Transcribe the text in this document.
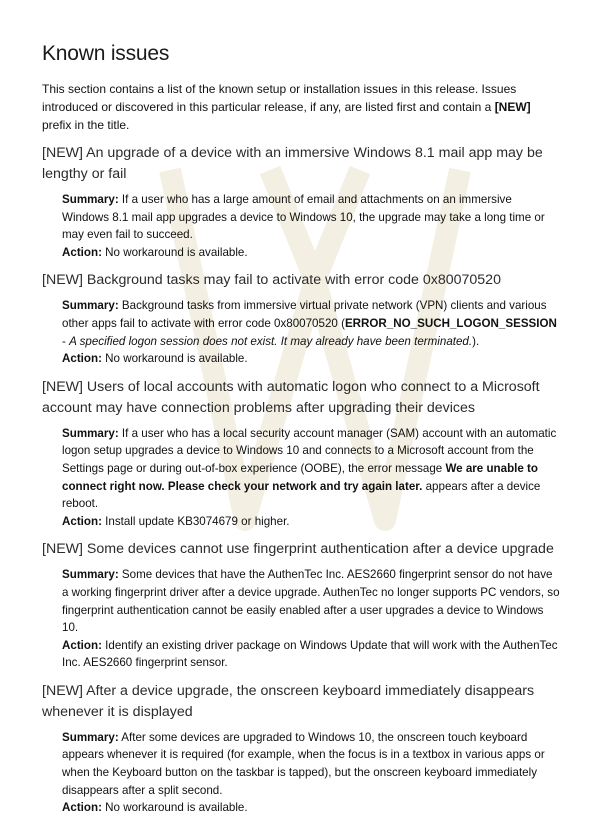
Known issues

This section contains a list of the known setup or installation issues in this release. Issues introduced or discovered in this particular release, if any, are listed first and contain a [NEW] prefix in the title.

[NEW] An upgrade of a device with an immersive Windows 8.1 mail app may be lengthy or fail

Summary: If a user who has a large amount of email and attachments on an immersive Windows 8.1 mail app upgrades a device to Windows 10, the upgrade may take a long time or may even fail to succeed.

Action: No workaround is available.

[NEW] Background tasks may fail to activate with error code 0x80070520

Summary: Background tasks from immersive virtual private network (VPN) clients and various other apps fail to activate with error code 0x80070520 (ERROR_NO_SUCH_LOGON_SESSION - A specified logon session does not exist. It may already have been terminated.).

Action: No workaround is available.

[NEW] Users of local accounts with automatic logon who connect to a Microsoft account may have connection problems after upgrading their devices

Summary: If a user who has a local security account manager (SAM) account with an automatic logon setup upgrades a device to Windows 10 and connects to a Microsoft account from the Settings page or during out-of-box experience (OOBE), the error message We are unable to connect right now. Please check your network and try again later. appears after a device reboot.

Action: Install update KB3074679 or higher.

[NEW] Some devices cannot use fingerprint authentication after a device upgrade

Summary: Some devices that have the AuthenTec Inc. AES2660 fingerprint sensor do not have a working fingerprint driver after a device upgrade. AuthenTec no longer supports PC vendors, so fingerprint authentication cannot be easily enabled after a user upgrades a device to Windows 10.

Action: Identify an existing driver package on Windows Update that will work with the AuthenTec Inc. AES2660 fingerprint sensor.

[NEW] After a device upgrade, the onscreen keyboard immediately disappears whenever it is displayed

Summary: After some devices are upgraded to Windows 10, the onscreen touch keyboard appears whenever it is required (for example, when the focus is in a textbox in various apps or when the Keyboard button on the taskbar is tapped), but the onscreen keyboard immediately disappears after a split second.

Action: No workaround is available.
